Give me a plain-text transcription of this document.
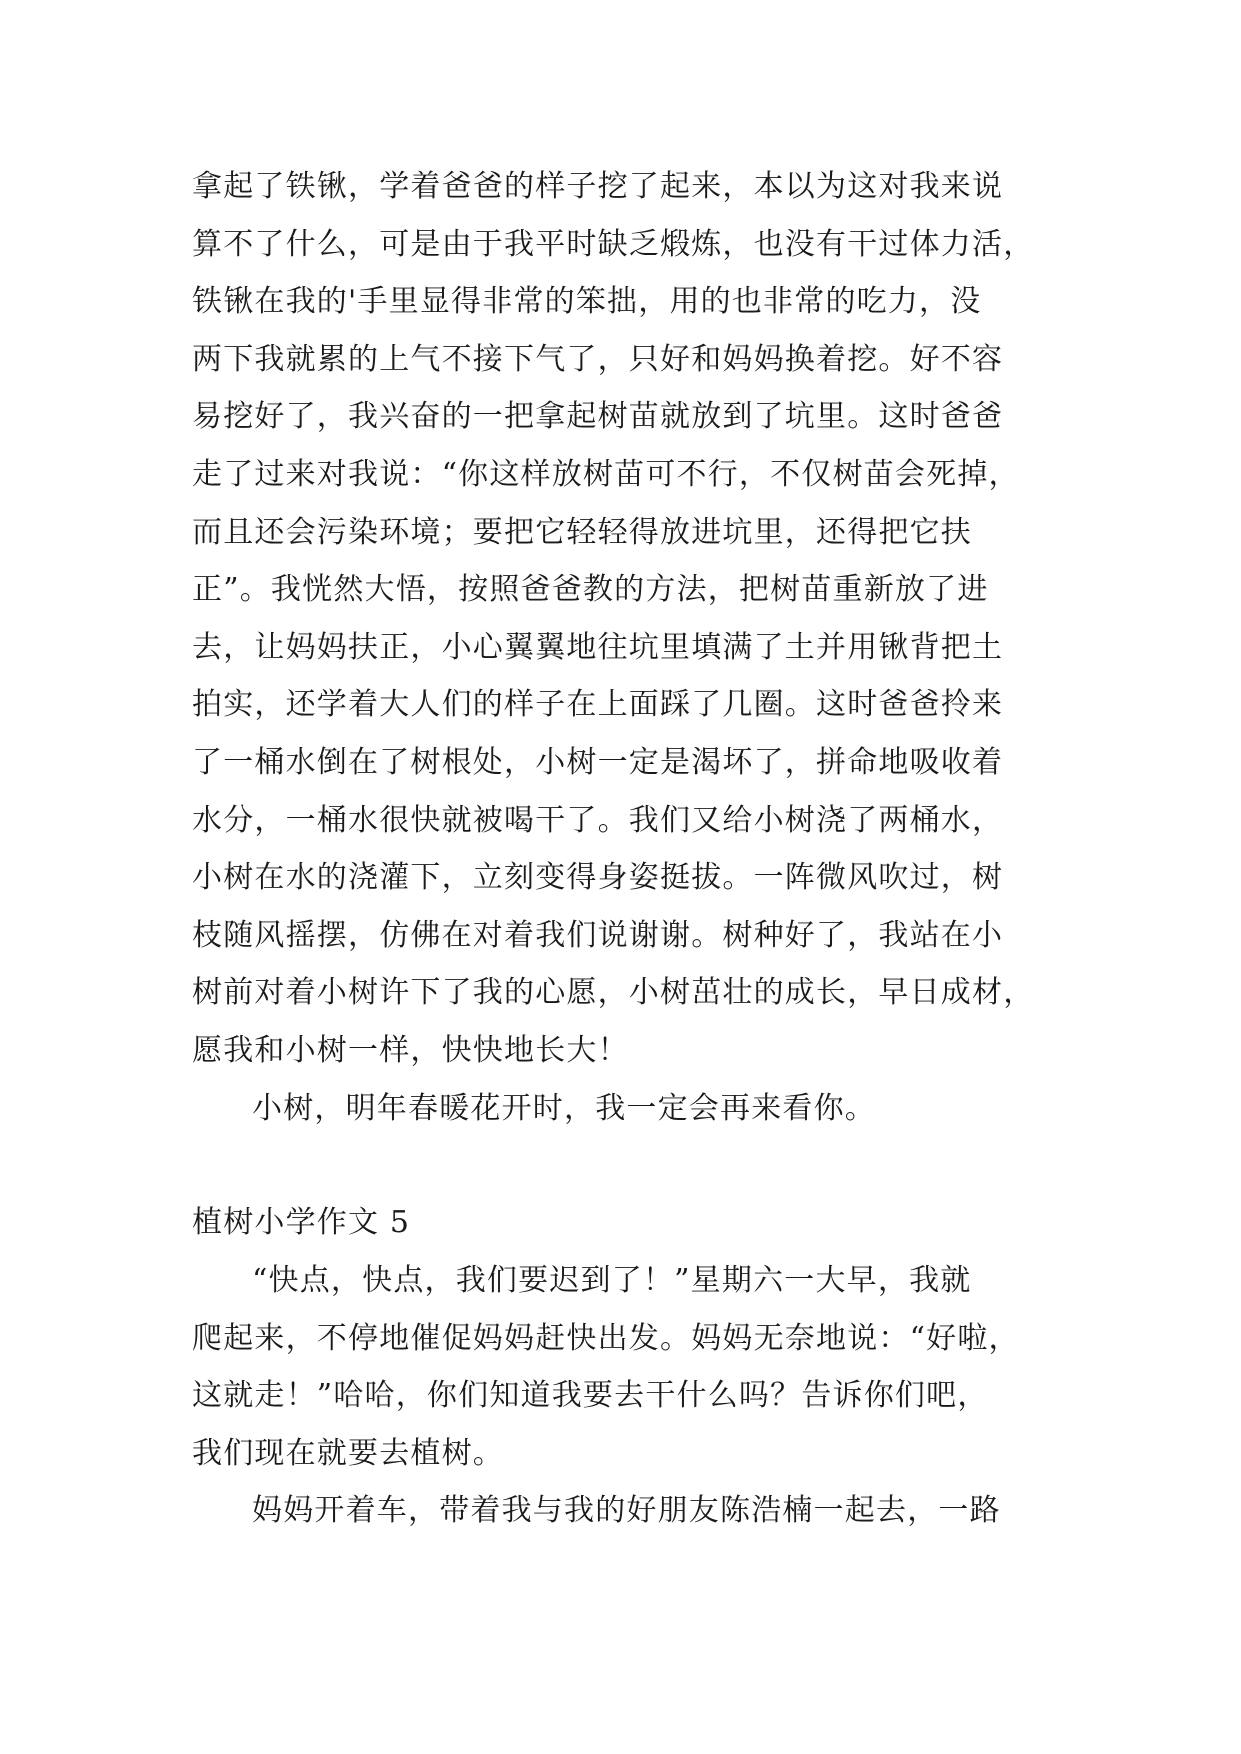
拿起了铁锹，学着爸爸的样子挖了起来，本以为这对我来说
算不了什么，可是由于我平时缺乏煅炼，也没有干过体力活，
铁锹在我的'手里显得非常的笨拙，用的也非常的吃力，没
两下我就累的上气不接下气了，只好和妈妈换着挖。好不容
易挖好了，我兴奋的一把拿起树苗就放到了坑里。这时爸爸
走了过来对我说：“你这样放树苗可不行，不仅树苗会死掉，
而且还会污染环境；要把它轻轻得放进坑里，还得把它扶
正”。我恍然大悟，按照爸爸教的方法，把树苗重新放了进
去，让妈妈扶正，小心翼翼地往坑里填满了土并用锹背把土
拍实，还学着大人们的样子在上面踩了几圈。这时爸爸拎来
了一桶水倒在了树根处，小树一定是渴坏了，拼命地吸收着
水分，一桶水很快就被喝干了。我们又给小树浇了两桶水，
小树在水的浇灌下，立刻变得身姿挺拔。一阵微风吹过，树
枝随风摇摆，仿佛在对着我们说谢谢。树种好了，我站在小
树前对着小树许下了我的心愿，小树茁壮的成长，早日成材，
愿我和小树一样，快快地长大！
小树，明年春暖花开时，我一定会再来看你。
植树小学作文 5
“快点，快点，我们要迟到了！”星期六一大早，我就
爬起来，不停地催促妈妈赶快出发。妈妈无奈地说：“好啦，
这就走！”哈哈，你们知道我要去干什么吗？告诉你们吧，
我们现在就要去植树。
妈妈开着车，带着我与我的好朋友陈浩楠一起去，一路
